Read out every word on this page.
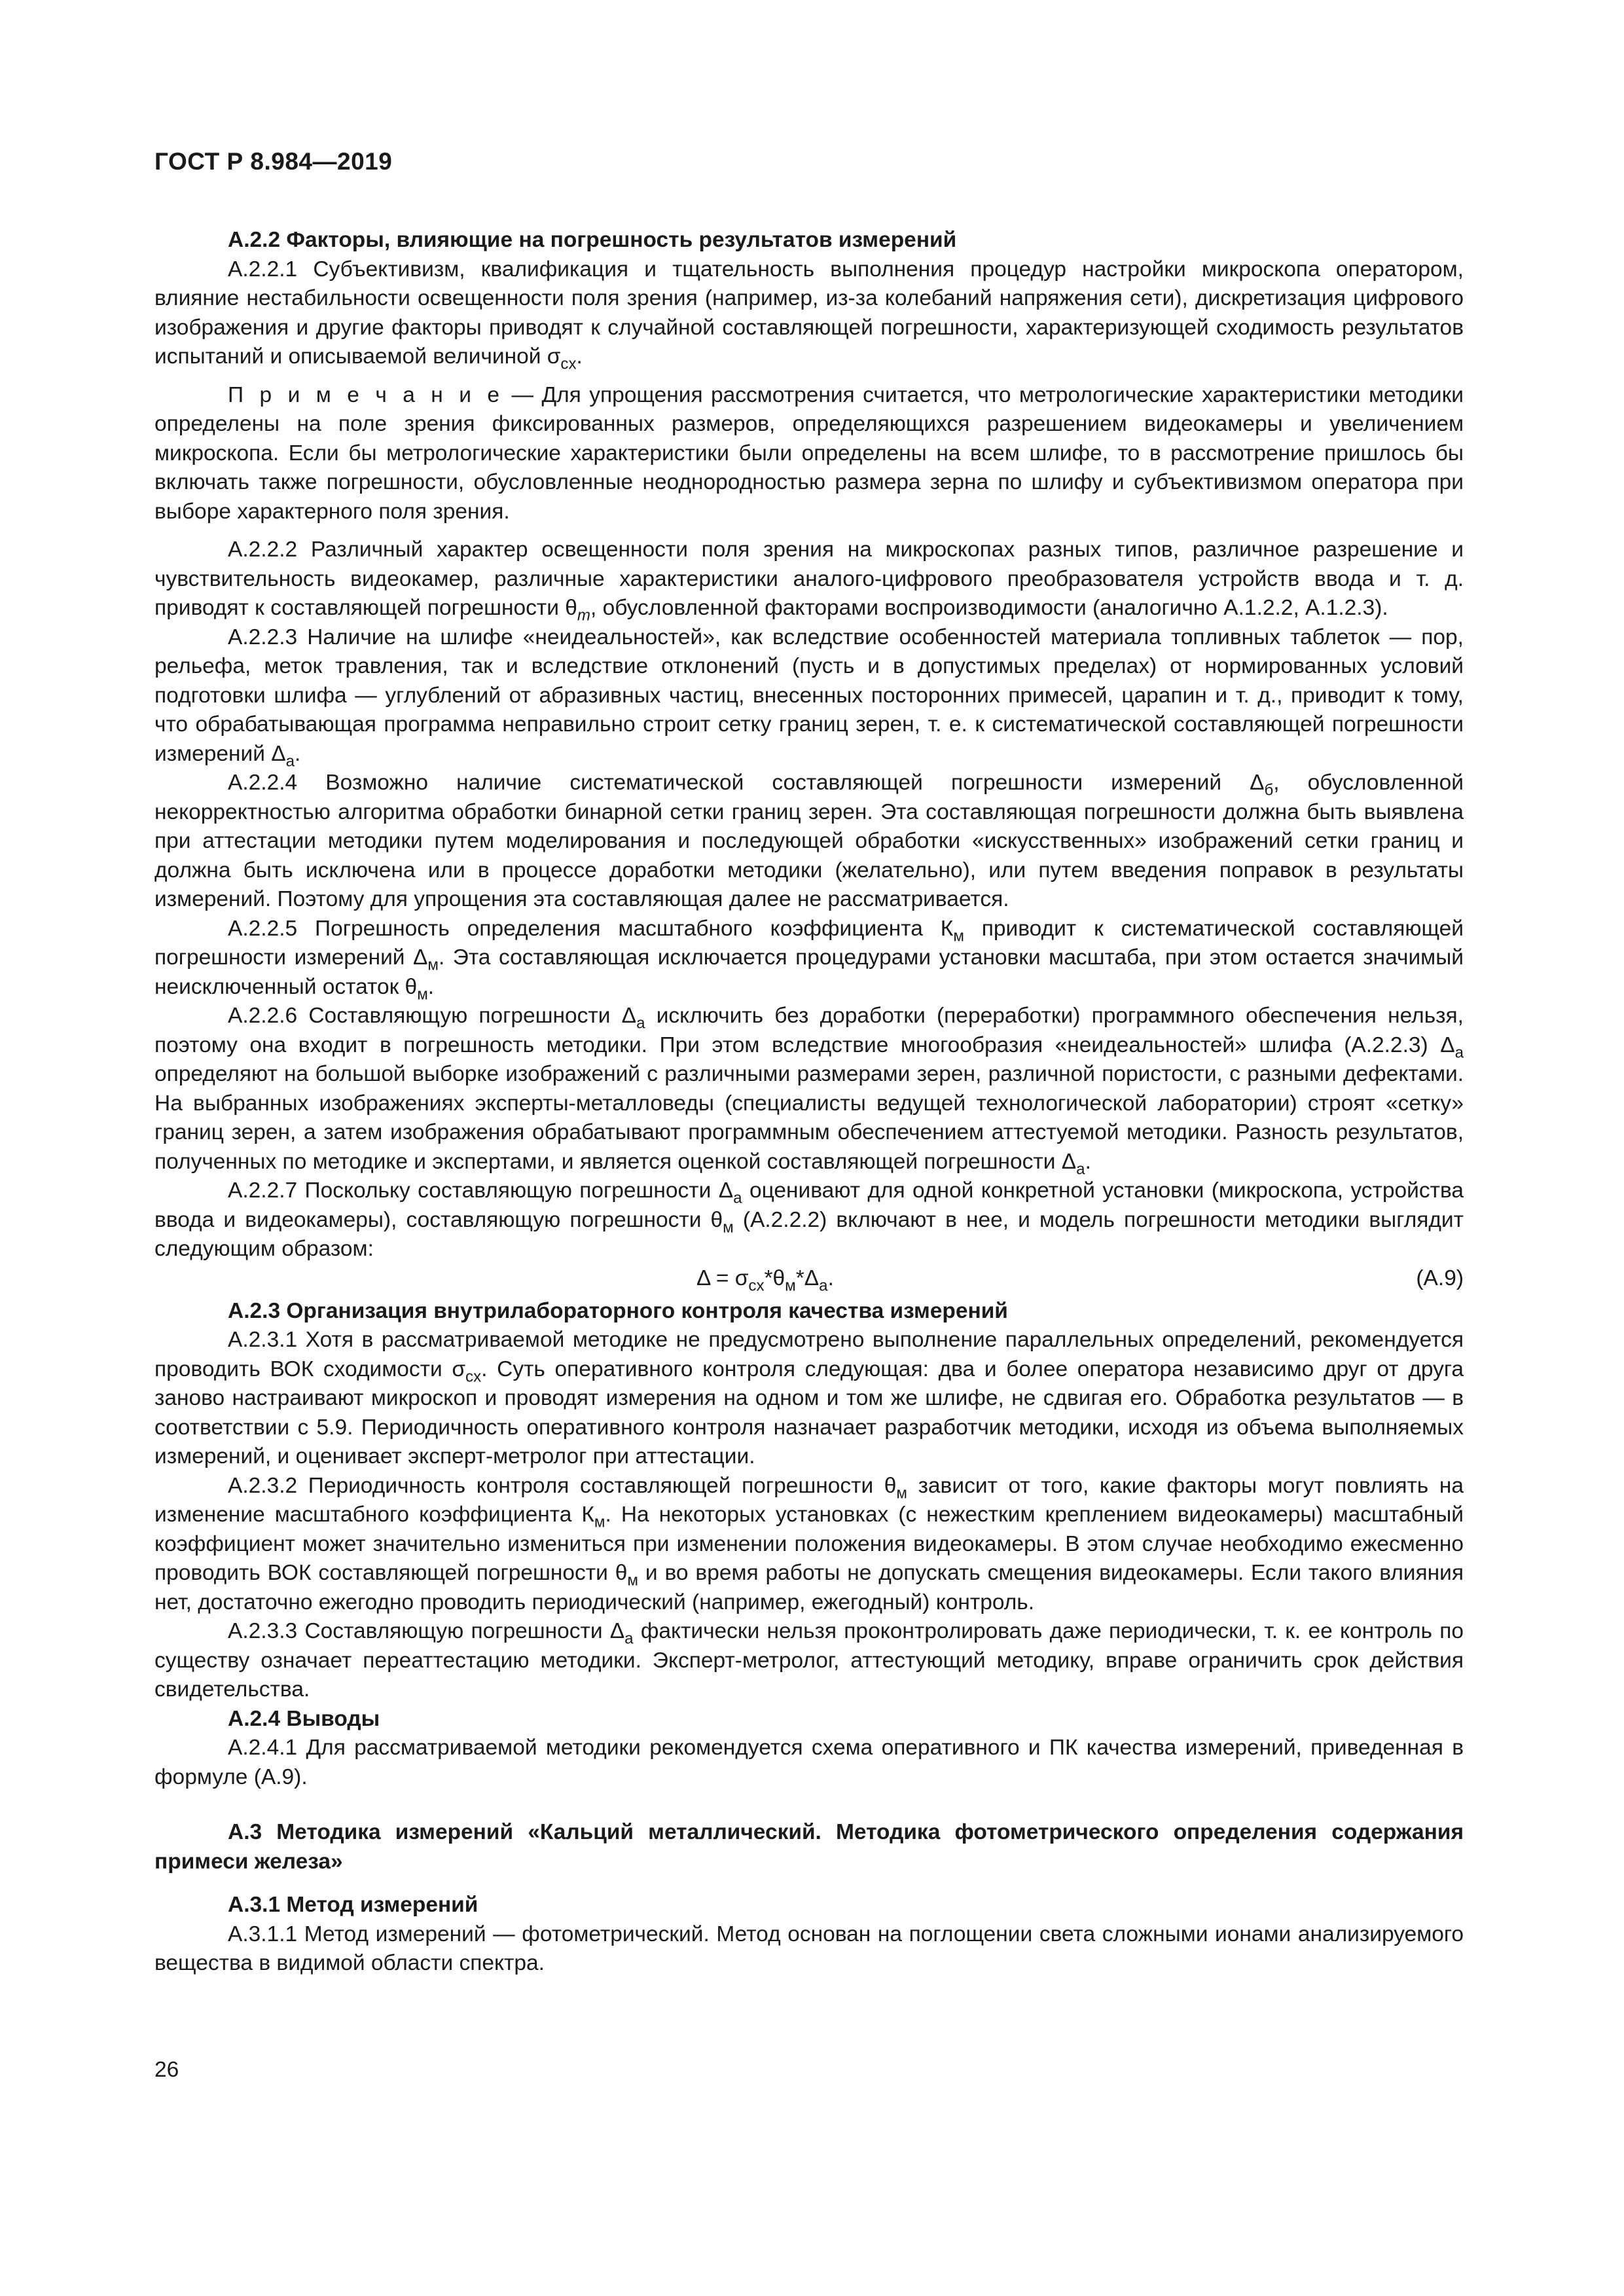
ГОСТ Р 8.984—2019

А.2.2 Факторы, влияющие на погрешность результатов измерений

А.2.2.1 Субъективизм, квалификация и тщательность выполнения процедур настройки микроскопа оператором, влияние нестабильности освещенности поля зрения (например, из-за колебаний напряжения сети), дискретизация цифрового изображения и другие факторы приводят к случайной составляющей погрешности, характеризующей сходимость результатов испытаний и описываемой величиной $\sigma_{сх}$.

П р и м е ч а н и е — Для упрощения рассмотрения считается, что метрологические характеристики методики определены на поле зрения фиксированных размеров, определяющихся разрешением видеокамеры и увеличением микроскопа. Если бы метрологические характеристики были определены на всем шлифе, то в рассмотрение пришлось бы включать также погрешности, обусловленные неоднородностью размера зерна по шлифу и субъективизмом оператора при выборе характерного поля зрения.

А.2.2.2 Различный характер освещенности поля зрения на микроскопах разных типов, различное разрешение и чувствительность видеокамер, различные характеристики аналого-цифрового преобразователя устройств ввода и т. д. приводят к составляющей погрешности $\theta_m$, обусловленной факторами воспроизводимости (аналогично А.1.2.2, А.1.2.3).

А.2.2.3 Наличие на шлифе «неидеальностей», как вследствие особенностей материала топливных таблеток — пор, рельефа, меток травления, так и вследствие отклонений (пусть и в допустимых пределах) от нормированных условий подготовки шлифа — углублений от абразивных частиц, внесенных посторонних примесей, царапин и т. д., приводит к тому, что обрабатывающая программа неправильно строит сетку границ зерен, т. е. к систематической составляющей погрешности измерений $\Delta_а$.

А.2.2.4 Возможно наличие систематической составляющей погрешности измерений $\Delta_б$, обусловленной некорректностью алгоритма обработки бинарной сетки границ зерен. Эта составляющая погрешности должна быть выявлена при аттестации методики путем моделирования и последующей обработки «искусственных» изображений сетки границ и должна быть исключена или в процессе доработки методики (желательно), или путем введения поправок в результаты измерений. Поэтому для упрощения эта составляющая далее не рассматривается.

А.2.2.5 Погрешность определения масштабного коэффициента $К_м$ приводит к систематической составляющей погрешности измерений $\Delta_м$. Эта составляющая исключается процедурами установки масштаба, при этом остается значимый неисключенный остаток $\theta_м$.

А.2.2.6 Составляющую погрешности $\Delta_а$ исключить без доработки (переработки) программного обеспечения нельзя, поэтому она входит в погрешность методики. При этом вследствие многообразия «неидеальностей» шлифа (А.2.2.3) $\Delta_а$ определяют на большой выборке изображений с различными размерами зерен, различной пористости, с разными дефектами. На выбранных изображениях эксперты-металловеды (специалисты ведущей технологической лаборатории) строят «сетку» границ зерен, а затем изображения обрабатывают программным обеспечением аттестуемой методики. Разность результатов, полученных по методике и экспертами, и является оценкой составляющей погрешности $\Delta_а$.

А.2.2.7 Поскольку составляющую погрешности $\Delta_а$ оценивают для одной конкретной установки (микроскопа, устройства ввода и видеокамеры), составляющую погрешности $\theta_м$ (А.2.2.2) включают в нее, и модель погрешности методики выглядит следующим образом:

$\Delta = \sigma_{сх}*\theta_м*\Delta_а$.	(А.9)

А.2.3 Организация внутрилабораторного контроля качества измерений

А.2.3.1 Хотя в рассматриваемой методике не предусмотрено выполнение параллельных определений, рекомендуется проводить ВОК сходимости $\sigma_{сх}$. Суть оперативного контроля следующая: два и более оператора независимо друг от друга заново настраивают микроскоп и проводят измерения на одном и том же шлифе, не сдвигая его. Обработка результатов — в соответствии с 5.9. Периодичность оперативного контроля назначает разработчик методики, исходя из объема выполняемых измерений, и оценивает эксперт-метролог при аттестации.

А.2.3.2 Периодичность контроля составляющей погрешности $\theta_м$ зависит от того, какие факторы могут повлиять на изменение масштабного коэффициента $К_м$. На некоторых установках (с нежестким креплением видеокамеры) масштабный коэффициент может значительно измениться при изменении положения видеокамеры. В этом случае необходимо ежесменно проводить ВОК составляющей погрешности $\theta_м$ и во время работы не допускать смещения видеокамеры. Если такого влияния нет, достаточно ежегодно проводить периодический (например, ежегодный) контроль.

А.2.3.3 Составляющую погрешности $\Delta_а$ фактически нельзя проконтролировать даже периодически, т. к. ее контроль по существу означает переаттестацию методики. Эксперт-метролог, аттестующий методику, вправе ограничить срок действия свидетельства.

А.2.4 Выводы

А.2.4.1 Для рассматриваемой методики рекомендуется схема оперативного и ПК качества измерений, приведенная в формуле (А.9).

А.3 Методика измерений «Кальций металлический. Методика фотометрического определения содержания примеси железа»

А.3.1 Метод измерений

А.3.1.1 Метод измерений — фотометрический. Метод основан на поглощении света сложными ионами анализируемого вещества в видимой области спектра.

26
